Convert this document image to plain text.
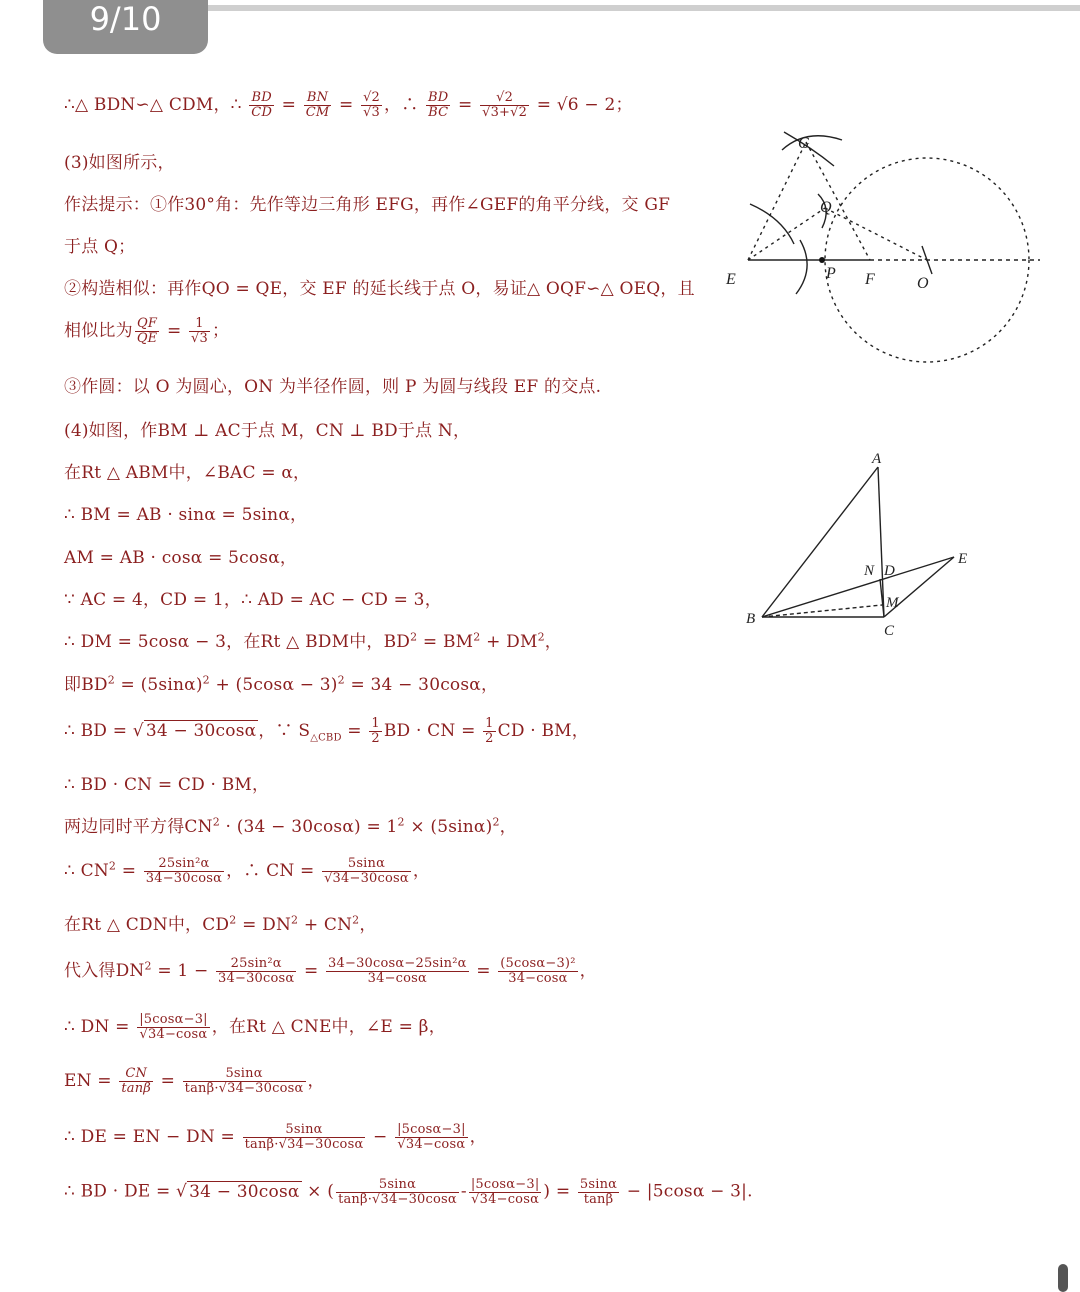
9/10
∴△ BDN∽△ CDM，∴ $\frac{BD}{CD} = \frac{BN}{CM} = \frac{√2}{√3}$ ，∴ $\frac{BD}{BC} = \frac{√2}{√3+√2} = √6 - 2$；
(3)如图所示，
作法提示：①作30°角：先作等边三角形 EFG，再作∠GEF的角平分线，交 GF
于点 Q；
②构造相似：再作QO = QE，交 EF 的延长线于点 O，易证△ OQF∽△ OEQ，且
相似比为 $\frac{QF}{QE} = \frac{1}{√3}$ ；
③作圆：以 O 为圆心，ON 为半径作圆，则 P 为圆与线段 EF 的交点.
(4)如图，作BM ⊥ AC于点 M，CN ⊥ BD于点 N，
在Rt △ ABM中，∠BAC = α，
∴ BM = AB · sinα = 5sinα，
AM = AB · cosα = 5cosα，
∵ AC = 4，CD = 1，∴ AD = AC − CD = 3，
∴ DM = 5cosα − 3，在Rt △ BDM中，$BD^2 = BM^2 + DM^2$，
即$BD^2 = (5\sin\alpha)^2 + (5\cos\alpha - 3)^2 = 34 - 30\cos\alpha$，
∴ BD = √ 34 − 30cosα ，∵ $S_{\triangle CBD} = \frac{1}{2}$ BD · CN = $\frac{1}{2}$ CD · BM，
∴ BD · CN = CD · BM，
两边同时平方得$CN^2 \cdot (34 - 30\cos\alpha) = 1^2 \times (5\sin\alpha)^2$，
∴ $CN^2 = \frac{\text{25sin²α}}{34-30\cos\alpha}$ ，∴ CN = $\frac{5\sin\alpha}{√34-30\cos\alpha}$ ，
在Rt △ CDN中，$CD^2 = DN^2 + CN^2$，
代入得$DN^2 = 1 - \frac{\text{25sin²α}}{34-30\cos\alpha} = \frac{\text{34−30cosα−25sin²α}}{34-\cos\alpha} = \frac{\text{(5cosα−3)²}}{34-\cos\alpha}$ ，
∴ DN = $\frac{|5\cos\alpha-3|}{√34-\cos\alpha}$ ，在Rt △ CNE中，∠E = β，
EN = $\frac{CN}{\tan\beta} = \frac{5\sin\alpha}{\tan\beta\cdot√34-30\cos\alpha}$ ，
∴ DE = EN − DN = $\frac{5\sin\alpha}{\tan\beta\cdot√34-30\cos\alpha} - \frac{|5\cos\alpha-3|}{√34-\cos\alpha}$ ，
∴ BD · DE = √ 34 − 30cosα × ( $\frac{5\sin\alpha}{\tan\beta\cdot√34-30\cos\alpha} - \frac{|5\cos\alpha-3|}{√34-\cos\alpha}$ ) = $\frac{5\sin\alpha}{\tan\beta} - |5\cos\alpha - 3|$.
G
Q
E	P F	O
A
N D
E
M
B
C
